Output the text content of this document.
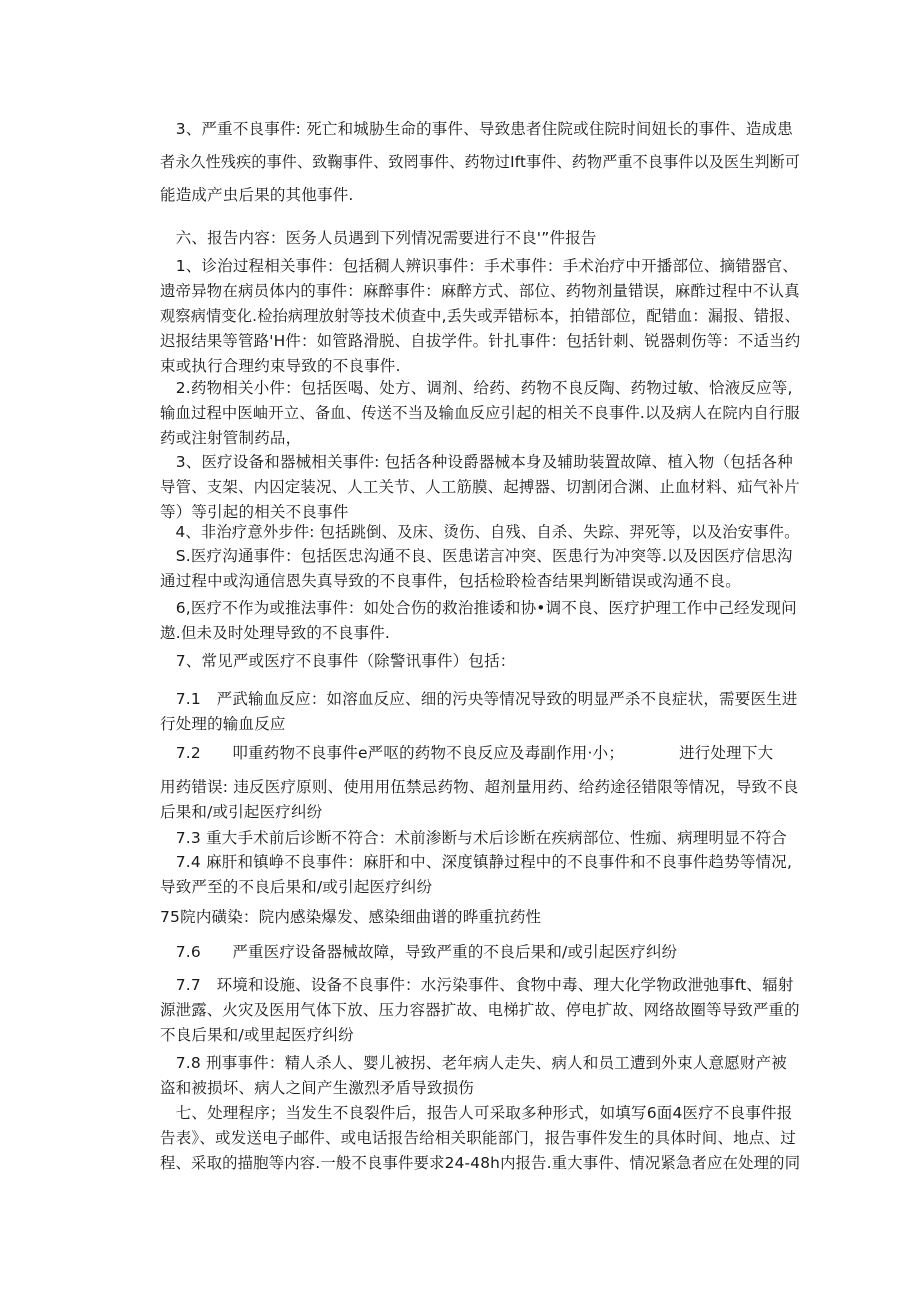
　3、严重不良事件: 死亡和城胁生命的事件、导致患者住院或住院时间妞长的事件、造成患
者永久性残疾的事件、致鞠事件、致罔事件、药物过Ift事件、药物严重不良事件以及医生判断可
能造成产虫后果的其他事件.
　六、报告内容：医务人员遇到下列情况需要进行不良'”件报告
　1、诊治过程相关事件：包括稠人辨识事件：手术事件：手术治疗中开播部位、摘错器官、
遗帝异物在病员体内的事件：麻醉事件：麻醉方式、部位、药物剂量错误，麻酢过程中不认真
观察病情变化.检抬病理放射等技术侦查中,丢失或弄错标本，拍错部位，配错血：漏报、错报、
迟报结果等管路'H件：如管路滑脱、自拔学件。针扎事件：包括针刺、锐器刺伤等：不适当约
束或执行合理约束导致的不良事件.
　2.药物相关小件：包括医喝、处方、调剂、给药、药物不良反陶、药物过敏、恰液反应等,
输血过程中医岫开立、备血、传送不当及输血反应引起的相关不良事件.以及病人在院内自行服
药或注射管制药品，
　3、医疗设备和器械相关事件: 包括各种设爵器械本身及辅助装置故障、植入物（包括各种
导管、支架、内囚定装况、人工关节、人工筋膜、起搏器、切割闭合渊、止血材料、疝气补片
等）等引起的相关不良事件
　4、非治疗意外步件: 包括跳倒、及床、烫伤、自残、自杀、失踪、羿死等，以及治安事件。
　S.医疗沟通事件：包括医忠沟通不良、医患诺言冲突、医患行为冲突等.以及因医疗信思沟
通过程中或沟通信恩失真导致的不良事件，包括检聆检杳结果判断错误或沟通不良。
　6,医疗不作为或推法事件：如处合伤的救治推诿和协•调不良、医疗护理工作中己经发现问
遨.但未及时处理导致的不良事件.
　7、常见严或医疗不良事件（除警讯事件）包括：
　7.1　严武输血反应：如溶血反应、细的污央等情况导致的明显严杀不良症状，需要医生进
行处理的输血反应
　7.2　　叩重药物不良事件e严呕的药物不良反应及毒副作用·小；　　　　进行处理下大
用药错误: 违反医疗原则、使用用伍禁忌药物、超剂量用药、给药途径错限等情况，导致不良
后果和/或引起医疗纠纷
　7.3 重大手术前后诊断不符合：术前渗断与术后诊断在疾病部位、性痂、病理明显不符合
　7.4 麻肝和镇峥不良事件：麻肝和中、深度镇静过程中的不良事件和不良事件趋势等情况,
导致严至的不良后果和/或引起医疗纠纷
75院内磺染：院内感染爆发、感染细曲谱的晔重抗药性
　7.6　　严重医疗设备器械故障，导致严重的不良后果和/或引起医疗纠纷
　7.7　环境和设施、设备不良事件：水污染事件、食物中毒、理大化学物政泄弛事ft、辐射
源泄露、火灾及医用气体下放、压力容器扩故、电梯扩故、停电扩故、网络故圈等导致严重的
不良后果和/或里起医疗纠纷
　7.8 刑事事件：精人杀人、婴儿被拐、老年病人走失、病人和员工遭到外束人意愿财产被
盗和被损坏、病人之间产生激烈矛盾导致损伤
　七、处理程序；当发生不良裂件后，报告人可采取多种形式，如填写6面4医疗不良事件报
告表》、或发送电子邮件、或电话报告给相关职能部门，报告事件发生的具体时间、地点、过
程、采取的描胞等内容.一般不良事件要求24-48h内报告.重大事件、情况紧急者应在处理的同
